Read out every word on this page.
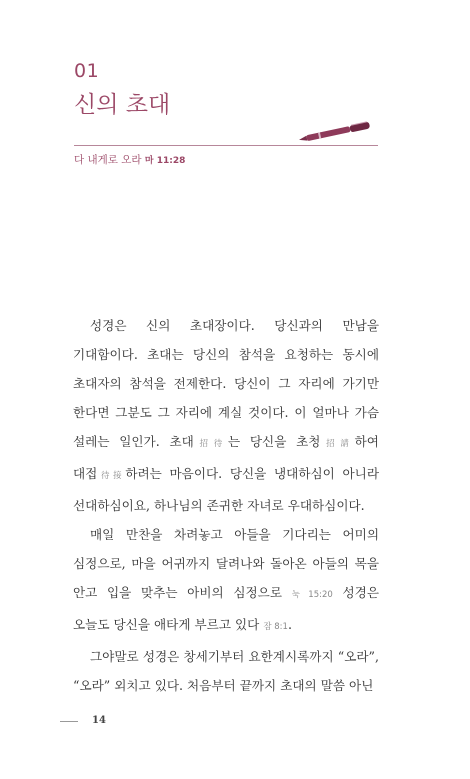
01
신의 초대
다 내게로 오라 마 11:28

성경은 신의 초대장이다. 당신과의 만남을 기대함이다. 초대는 당신의 참석을 요청하는 동시에 초대자의 참석을 전제한다. 당신이 그 자리에 가기만 한다면 그분도 그 자리에 계실 것이다. 이 얼마나 가슴 설레는 일인가. 초대招待는 당신을 초청招請하여 대접待接하려는 마음이다. 당신을 냉대하심이 아니라 선대하심이요, 하나님의 존귀한 자녀로 우대하심이다.

매일 만찬을 차려놓고 아들을 기다리는 어미의 심정으로, 마을 어귀까지 달려나와 돌아온 아들의 목을 안고 입을 맞추는 아비의 심정으로 눅 15:20 성경은 오늘도 당신을 애타게 부르고 있다 잠 8:1.

그야말로 성경은 창세기부터 요한계시록까지 “오라”, “오라” 외치고 있다. 처음부터 끝까지 초대의 말씀 아닌

14
